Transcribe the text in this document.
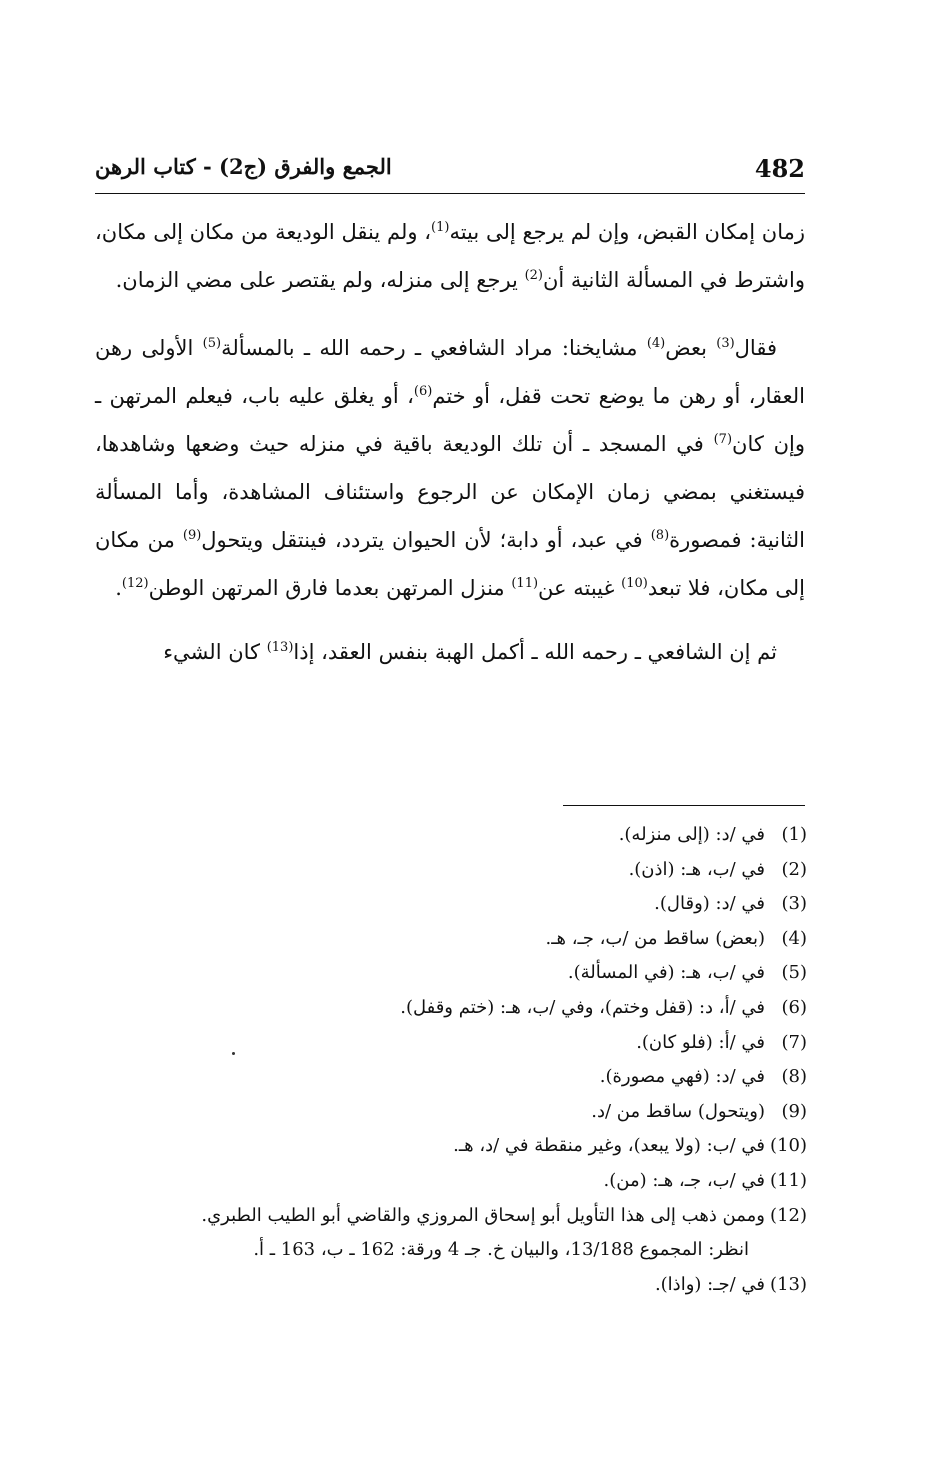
482
الجمع والفرق (ج2) - كتاب الرهن

زمان إمكان القبض، وإن لم يرجع إلى بيته$^{(1)}$، ولم ينقل الوديعة من مكان إلى مكان، واشترط في المسألة الثانية أن$^{(2)}$ يرجع إلى منزله، ولم يقتصر على مضي الزمان.

فقال$^{(3)}$ بعض$^{(4)}$ مشايخنا: مراد الشافعي ـ رحمه الله ـ بالمسألة$^{(5)}$ الأولى رهن العقار، أو رهن ما يوضع تحت قفل، أو ختم$^{(6)}$، أو يغلق عليه باب، فيعلم المرتهن ـ وإن كان$^{(7)}$ في المسجد ـ أن تلك الوديعة باقية في منزله حيث وضعها وشاهدها، فيستغني بمضي زمان الإمكان عن الرجوع واستئناف المشاهدة، وأما المسألة الثانية: فمصورة$^{(8)}$ في عبد، أو دابة؛ لأن الحيوان يتردد، فينتقل ويتحول$^{(9)}$ من مكان إلى مكان، فلا تبعد$^{(10)}$ غيبته عن$^{(11)}$ منزل المرتهن بعدما فارق المرتهن الوطن$^{(12)}$.

ثم إن الشافعي ـ رحمه الله ـ أكمل الهبة بنفس العقد، إذا$^{(13)}$ كان الشيء

(1)
في /د: (إلى منزله).
(2)
في /ب، هـ: (اذن).
(3)
في /د: (وقال).
(4)
(بعض) ساقط من /ب، جـ، هـ.
(5)
في /ب، هـ: (في المسألة).
(6)
في /أ، د: (قفل وختم)، وفي /ب، هـ: (ختم وقفل).
(7)
في /أ: (فلو كان).
(8)
في /د: (فهي مصورة).
(9)
(ويتحول) ساقط من /د.
(10)
في /ب: (ولا يبعد)، وغير منقطة في /د، هـ.
(11)
في /ب، جـ، هـ: (من).
(12)
وممن ذهب إلى هذا التأويل أبو إسحاق المروزي والقاضي أبو الطيب الطبري.
انظر: المجموع 13/188، والبيان خ. جـ 4 ورقة: 162 ـ ب، 163 ـ أ.
(13)
في /جـ: (واذا).
